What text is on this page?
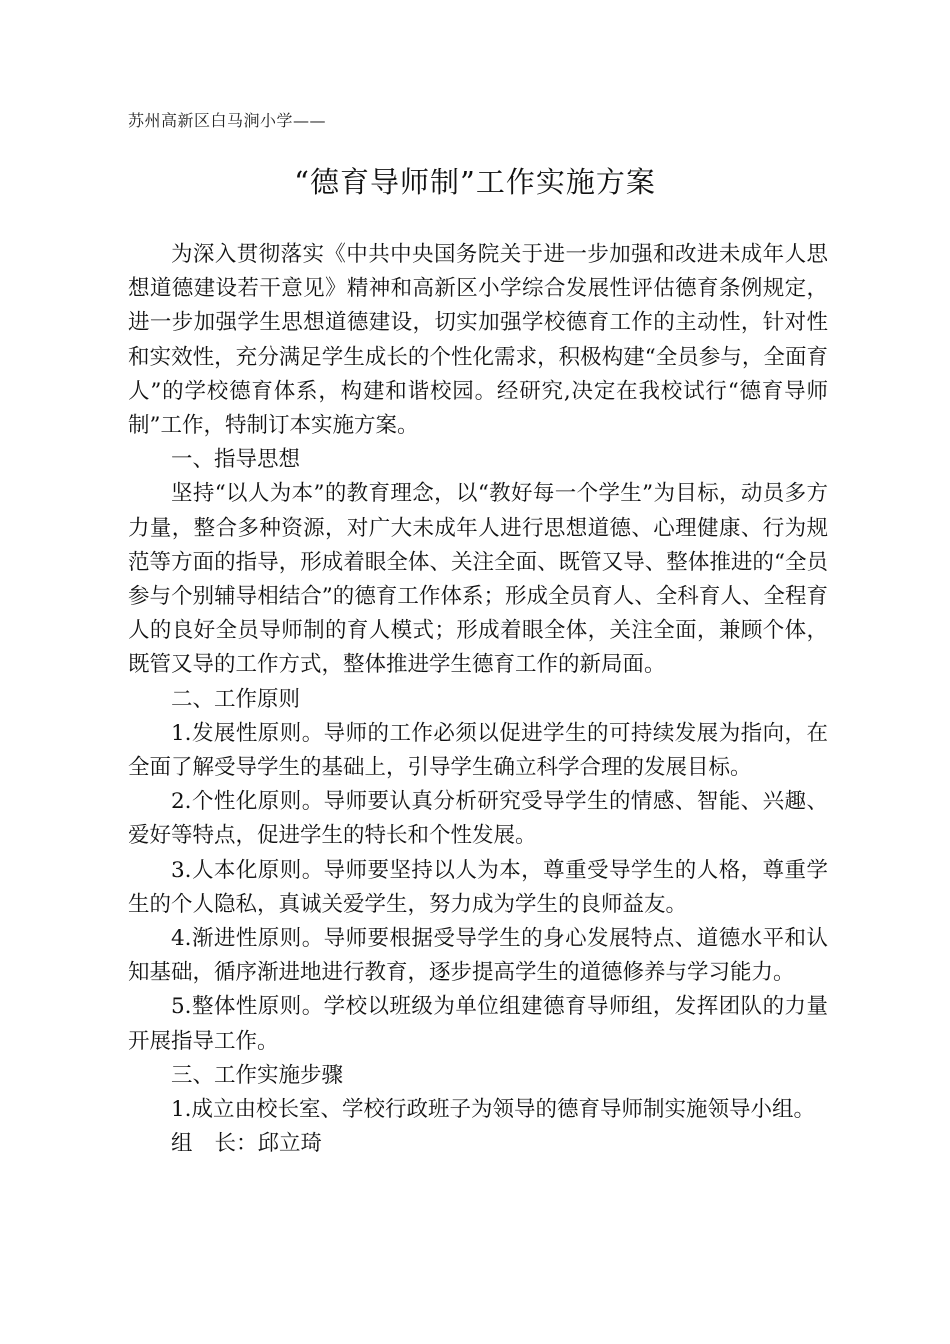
苏州高新区白马涧小学——
“德育导师制”工作实施方案

为深入贯彻落实《中共中央国务院关于进一步加强和改进未成年人思想道德建设若干意见》精神和高新区小学综合发展性评估德育条例规定，进一步加强学生思想道德建设，切实加强学校德育工作的主动性，针对性和实效性，充分满足学生成长的个性化需求，积极构建“全员参与，全面育人”的学校德育体系，构建和谐校园。经研究,决定在我校试行“德育导师制”工作，特制订本实施方案。

一、指导思想

坚持“以人为本”的教育理念，以“教好每一个学生”为目标，动员多方力量，整合多种资源，对广大未成年人进行思想道德、心理健康、行为规范等方面的指导，形成着眼全体、关注全面、既管又导、整体推进的“全员参与个别辅导相结合”的德育工作体系；形成全员育人、全科育人、全程育人的良好全员导师制的育人模式；形成着眼全体，关注全面，兼顾个体，既管又导的工作方式，整体推进学生德育工作的新局面。

二、工作原则

1.发展性原则。导师的工作必须以促进学生的可持续发展为指向，在全面了解受导学生的基础上，引导学生确立科学合理的发展目标。

2.个性化原则。导师要认真分析研究受导学生的情感、智能、兴趣、爱好等特点，促进学生的特长和个性发展。

3.人本化原则。导师要坚持以人为本，尊重受导学生的人格，尊重学生的个人隐私，真诚关爱学生，努力成为学生的良师益友。

4.渐进性原则。导师要根据受导学生的身心发展特点、道德水平和认知基础，循序渐进地进行教育，逐步提高学生的道德修养与学习能力。

5.整体性原则。学校以班级为单位组建德育导师组，发挥团队的力量开展指导工作。

三、工作实施步骤

1.成立由校长室、学校行政班子为领导的德育导师制实施领导小组。

组 长：邱立琦
